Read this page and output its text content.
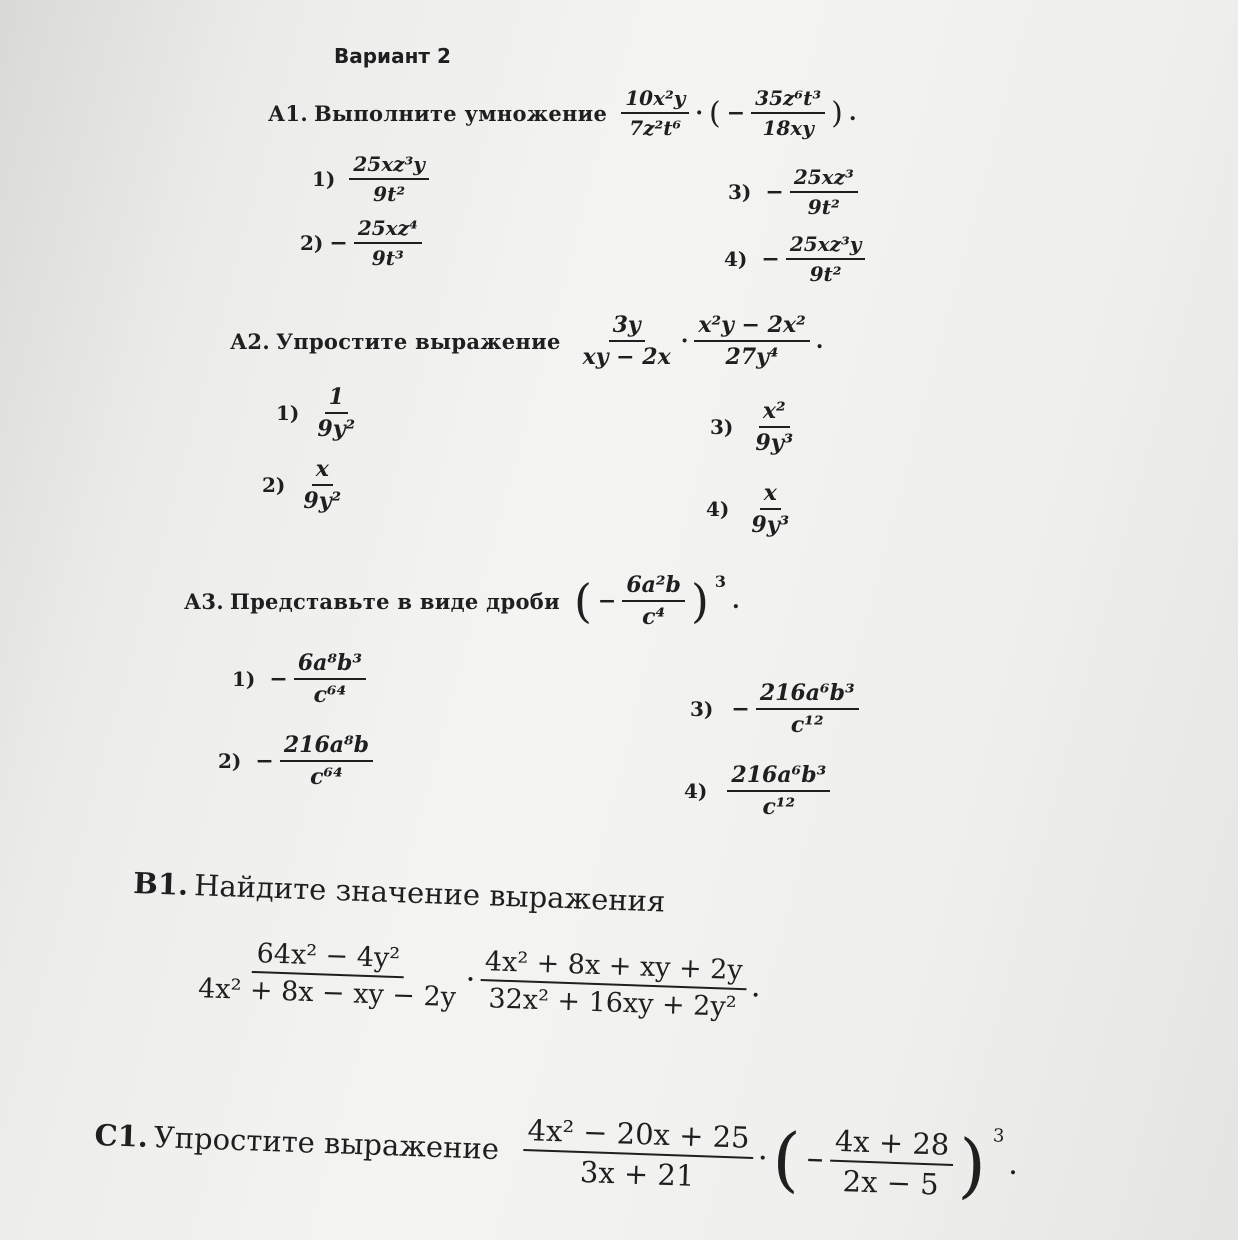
Вариант 2
А1. Выполните умножение $\frac{\text{10x²y}}{\text{7z²t⁶}}$ · ( − $\frac{\text{35z⁶t³}}{18xy}$ ) .
$1) \frac{\text{25xz³y}}{\text{9t²}}$
$2) - \frac{\text{25xz⁴}}{\text{9t³}}$
$3) - \frac{\text{25xz³}}{\text{9t²}}$
$4) - \frac{\text{25xz³y}}{\text{9t²}}$
А2. Упростите выражение $\frac{3y}{xy - 2x} \cdot \frac{\text{x²y − 2x²}}{\text{27y⁴}}$ .
$1) \frac{1}{\text{9y²}}$
$2) \frac{x}{\text{9y²}}$
$3) \frac{\text{x²}}{\text{9y³}}$
$4) \frac{x}{\text{9y³}}$
А3. Представьте в виде дроби ( − $\frac{\text{6a²b}}{\text{c⁴}}$ ) 3
.
$1) - \frac{\text{6a⁸b³}}{\text{c⁶⁴}}$
$2) - \frac{\text{216a⁸b}}{\text{c⁶⁴}}$
$3) - \frac{\text{216a⁶b³}}{\text{c¹²}}$
$4) \frac{\text{216a⁶b³}}{\text{c¹²}}$
В1. Найдите значение выражения
$\frac{\text{64x² − 4y²}}{\text{4x² + 8x − xy − 2y}} \cdot \frac{\text{4x² + 8x + xy + 2y}}{\text{32x² + 16xy + 2y²}}$ .
С1. Упростите выражение $\frac{\text{4x² − 20x + 25}}{3x + 21}$ · ( − $\frac{4x + 28}{2x - 5}$ ) 3
.
